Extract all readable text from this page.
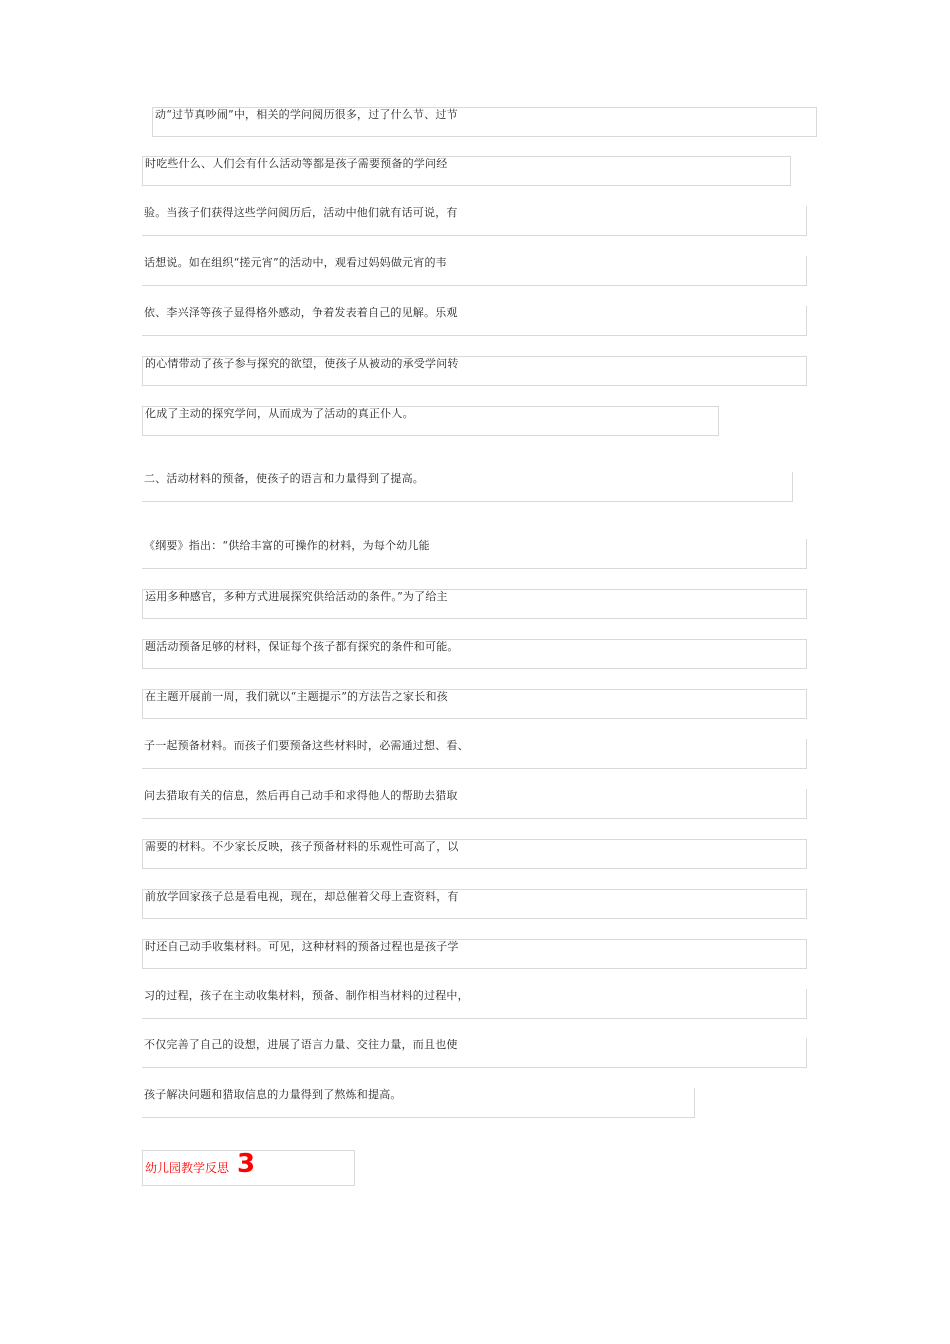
动“过节真吵闹”中，相关的学问阅历很多，过了什么节、过节
时吃些什么、人们会有什么活动等都是孩子需要预备的学问经
验。当孩子们获得这些学问阅历后，活动中他们就有话可说，有
话想说。如在组织“搓元宵”的活动中，观看过妈妈做元宵的韦
依、李兴泽等孩子显得格外感动，争着发表着自己的见解。乐观
的心情带动了孩子参与探究的欲望，使孩子从被动的承受学问转
化成了主动的探究学问，从而成为了活动的真正仆人。
二、活动材料的预备，使孩子的语言和力量得到了提高。
《纲要》指出：“供给丰富的可操作的材料，为每个幼儿能
运用多种感官，多种方式进展探究供给活动的条件。”为了给主
题活动预备足够的材料，保证每个孩子都有探究的条件和可能。
在主题开展前一周，我们就以“主题提示”的方法告之家长和孩
子一起预备材料。而孩子们要预备这些材料时，必需通过想、看、
问去猎取有关的信息，然后再自己动手和求得他人的帮助去猎取
需要的材料。不少家长反映，孩子预备材料的乐观性可高了，以
前放学回家孩子总是看电视，现在，却总催着父母上查资料，有
时还自己动手收集材料。可见，这种材料的预备过程也是孩子学
习的过程，孩子在主动收集材料，预备、制作相当材料的过程中，
不仅完善了自己的设想，进展了语言力量、交往力量，而且也使
孩子解决问题和猎取信息的力量得到了熬炼和提高。
幼儿园教学反思 3
